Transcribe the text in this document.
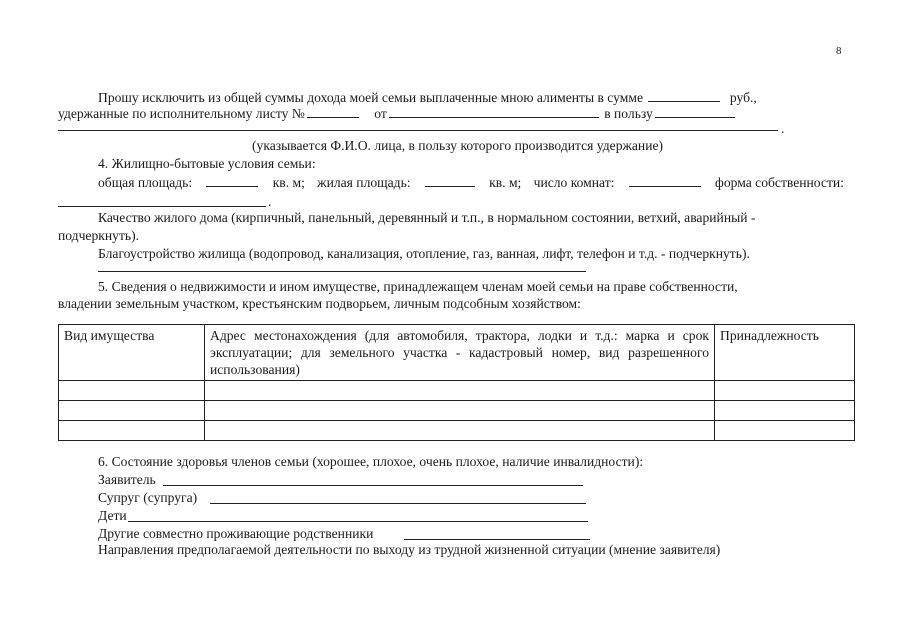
8
Прошу исключить из общей суммы дохода моей семьи выплаченные мною алименты в сумме	руб.,
удержанные по исполнительному листу №	от	в пользу
.
(указывается Ф.И.О. лица, в пользу которого производится удержание)
4. Жилищно-бытовые условия семьи:
общая площадь:	кв. м; жилая площадь:	кв. м; число комнат:	форма собственности:
.
Качество жилого дома (кирпичный, панельный, деревянный и т.п., в нормальном состоянии, ветхий, аварийный -
подчеркнуть).
Благоустройство жилища (водопровод, канализация, отопление, газ, ванная, лифт, телефон и т.д. - подчеркнуть).
5. Сведения о недвижимости и ином имуществе, принадлежащем членам моей семьи на праве собственности,
владении земельным участком, крестьянским подворьем, личным подсобным хозяйством:
Вид имущества	Адрес местонахождения (для автомобиля, трактора, лодки и т.д.: марка и срок эксплуатации; для земельного участка - кадастровый номер, вид разрешенного использования)	Принадлежность

6. Состояние здоровья членов семьи (хорошее, плохое, очень плохое, наличие инвалидности):
Заявитель
Супруг (супруга)
Дети
Другие совместно проживающие родственники
Направления предполагаемой деятельности по выходу из трудной жизненной ситуации (мнение заявителя)
